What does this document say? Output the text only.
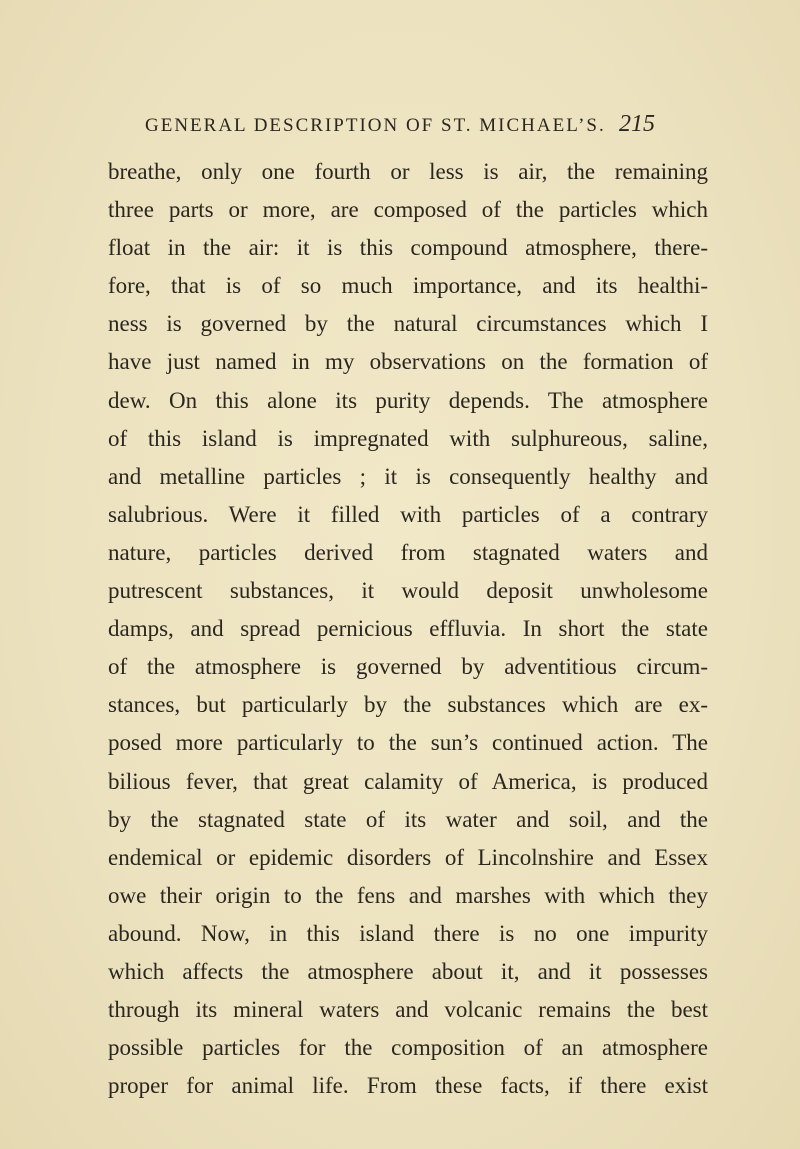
GENERAL DESCRIPTION OF ST. MICHAEL’S. 215
breathe, only one fourth or less is air, the remaining
three parts or more, are composed of the particles which
float in the air: it is this compound atmosphere, there-
fore, that is of so much importance, and its healthi-
ness is governed by the natural circumstances which I
have just named in my observations on the formation of
dew. On this alone its purity depends. The atmosphere
of this island is impregnated with sulphureous, saline,
and metalline particles ; it is consequently healthy and
salubrious. Were it filled with particles of a contrary
nature, particles derived from stagnated waters and
putrescent substances, it would deposit unwholesome
damps, and spread pernicious effluvia. In short the state
of the atmosphere is governed by adventitious circum-
stances, but particularly by the substances which are ex-
posed more particularly to the sun’s continued action. The
bilious fever, that great calamity of America, is produced
by the stagnated state of its water and soil, and the
endemical or epidemic disorders of Lincolnshire and Essex
owe their origin to the fens and marshes with which they
abound. Now, in this island there is no one impurity
which affects the atmosphere about it, and it possesses
through its mineral waters and volcanic remains the best
possible particles for the composition of an atmosphere
proper for animal life. From these facts, if there exist
